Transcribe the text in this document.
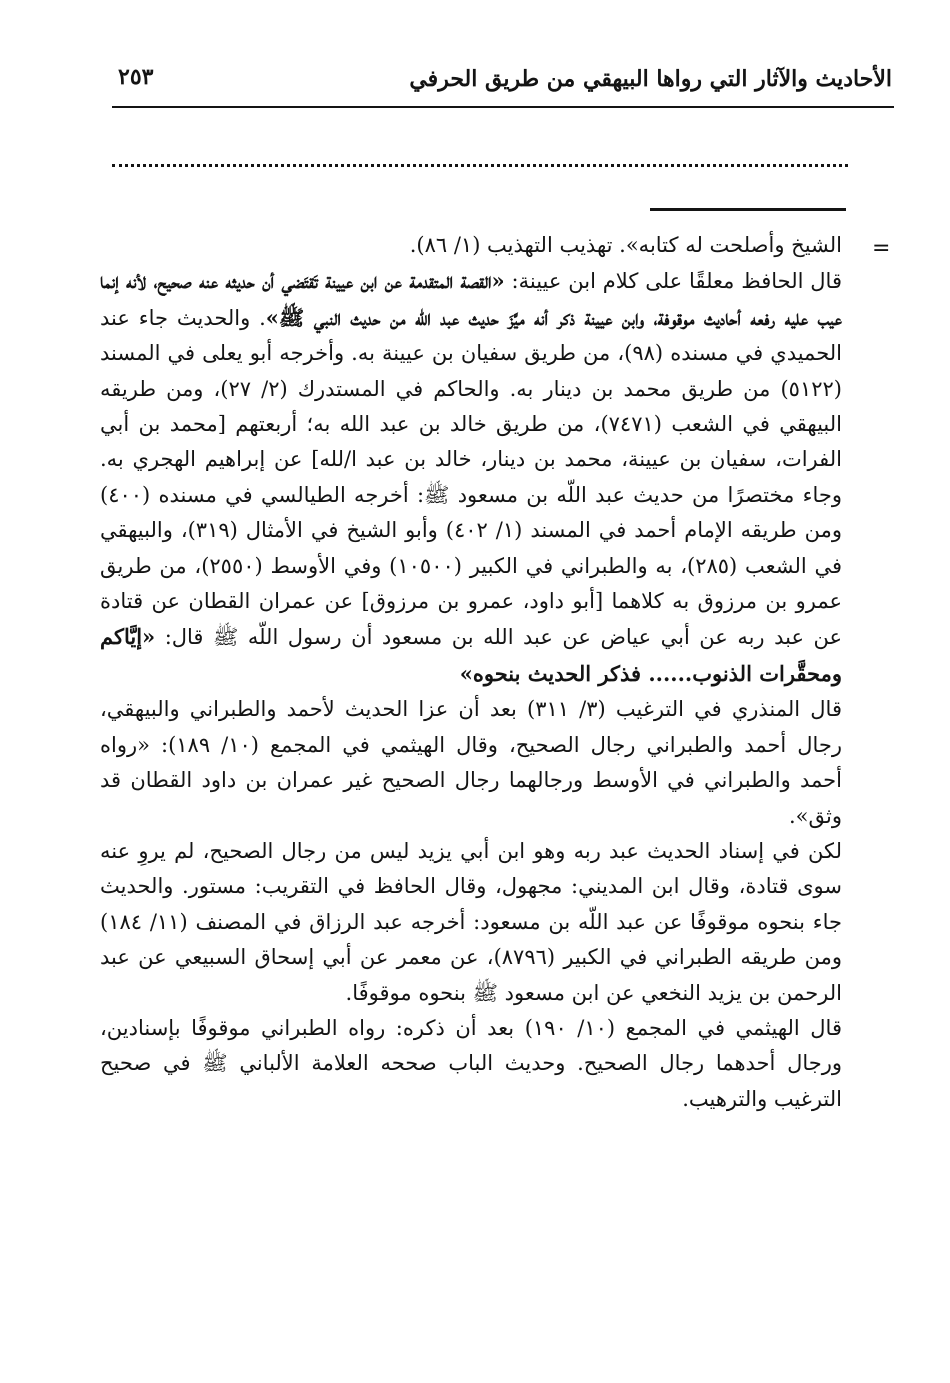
الأحاديث والآثار التي رواها البيهقي من طريق الحرفي
٢٥٣
=

الشيخ وأصلحت له كتابه». تهذيب التهذيب (١/ ٨٦).

قال الحافظ معلقًا على كلام ابن عيينة: «القصة المتقدمة عن ابن عيينة تَقتَضي أن حديثه عنه صحيح، لأنه إنما عيب عليه رفعه أحاديث موقوفة، وابن عيينة ذكر أنه ميَّزَ حديث عبد الله من حديث النبي ﷺ». والحديث جاء عند الحميدي في مسنده (٩٨)، من طريق سفيان بن عيينة به. وأخرجه أبو يعلى في المسند (٥١٢٢) من طريق محمد بن دينار به. والحاكم في المستدرك (٢/ ٢٧)، ومن طريقه البيهقي في الشعب (٧٤٧١)، من طريق خالد بن عبد الله به؛ أربعتهم [محمد بن أبي الفرات، سفيان بن عيينة، محمد بن دينار، خالد بن عبد ا/لله] عن إبراهيم الهجري به. وجاء مختصرًا من حديث عبد اللّه بن مسعود ﷺ: أخرجه الطيالسي في مسنده (٤٠٠) ومن طريقه الإمام أحمد في المسند (١/ ٤٠٢) وأبو الشيخ في الأمثال (٣١٩)، والبيهقي في الشعب (٢٨٥)، به والطبراني في الكبير (١٠٥٠٠) وفي الأوسط (٢٥٥٠)، من طريق عمرو بن مرزوق به كلاهما [أبو داود، عمرو بن مرزوق] عن عمران القطان عن قتادة عن عبد ربه عن أبي عياض عن عبد الله بن مسعود أن رسول اللّه ﷺ قال: «إيَّاكم ومحقَّرات الذنوب...... فذكر الحديث بنحوه»

قال المنذري في الترغيب (٣/ ٣١١) بعد أن عزا الحديث لأحمد والطبراني والبيهقي، رجال أحمد والطبراني رجال الصحيح، وقال الهيثمي في المجمع (١٠/ ١٨٩): «رواه أحمد والطبراني في الأوسط ورجالهما رجال الصحيح غير عمران بن داود القطان قد وثق».

لكن في إسناد الحديث عبد ربه وهو ابن أبي يزيد ليس من رجال الصحيح، لم يروِ عنه سوى قتادة، وقال ابن المديني: مجهول، وقال الحافظ في التقريب: مستور. والحديث جاء بنحوه موقوفًا عن عبد اللّه بن مسعود: أخرجه عبد الرزاق في المصنف (١١/ ١٨٤) ومن طريقه الطبراني في الكبير (٨٧٩٦)، عن معمر عن أبي إسحاق السبيعي عن عبد الرحمن بن يزيد النخعي عن ابن مسعود ﷺ بنحوه موقوفًا.

قال الهيثمي في المجمع (١٠/ ١٩٠) بعد أن ذكره: رواه الطبراني موقوفًا بإسنادين، ورجال أحدهما رجال الصحيح. وحديث الباب صححه العلامة الألباني ﷺ في صحيح الترغيب والترهيب.
